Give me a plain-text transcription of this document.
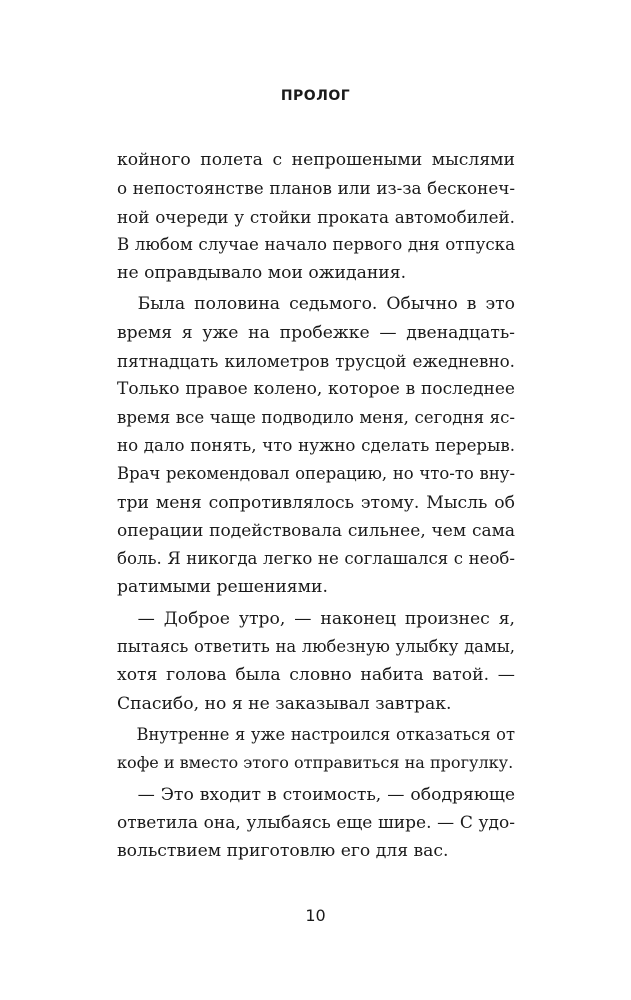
ПРОЛОГ
койного полета с непрошеными мыслями
о непостоянстве планов или из-за бесконеч-
ной очереди у стойки проката автомобилей.
В любом случае начало первого дня отпуска
не оправдывало мои ожидания.
Была половина седьмого. Обычно в это
время я уже на пробежке — двенадцать-
пятнадцать километров трусцой ежедневно.
Только правое колено, которое в последнее
время все чаще подводило меня, сегодня яс-
но дало понять, что нужно сделать перерыв.
Врач рекомендовал операцию, но что-то вну-
три меня сопротивлялось этому. Мысль об
операции подействовала сильнее, чем сама
боль. Я никогда легко не соглашался с необ-
ратимыми решениями.
— Доброе утро, — наконец произнес я,
пытаясь ответить на любезную улыбку дамы,
хотя голова была словно набита ватой. —
Спасибо, но я не заказывал завтрак.
Внутренне я уже настроился отказаться от
кофе и вместо этого отправиться на прогулку.
— Это входит в стоимость, — ободряюще
ответила она, улыбаясь еще шире. — С удо-
вольствием приготовлю его для вас.
10
